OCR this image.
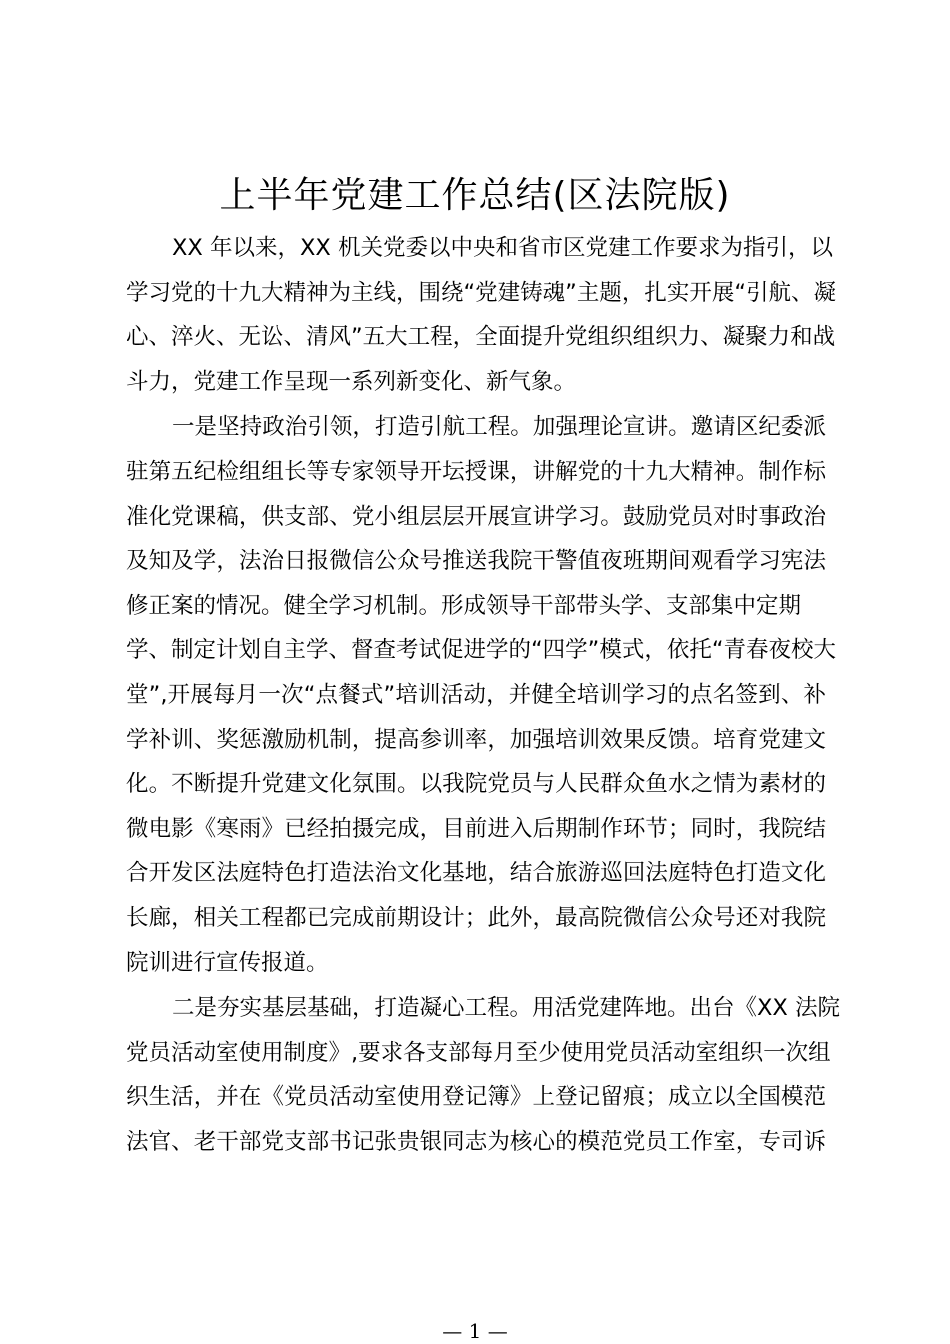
上半年党建工作总结(区法院版)

XX 年以来，XX 机关党委以中央和省市区党建工作要求为指引，以

学习党的十九大精神为主线，围绕“党建铸魂”主题，扎实开展“引航、凝

心、淬火、无讼、清风”五大工程，全面提升党组织组织力、凝聚力和战

斗力，党建工作呈现一系列新变化、新气象。

一是坚持政治引领，打造引航工程。加强理论宣讲。邀请区纪委派

驻第五纪检组组长等专家领导开坛授课，讲解党的十九大精神。制作标

准化党课稿，供支部、党小组层层开展宣讲学习。鼓励党员对时事政治

及知及学，法治日报微信公众号推送我院干警值夜班期间观看学习宪法

修正案的情况。健全学习机制。形成领导干部带头学、支部集中定期

学、制定计划自主学、督查考试促进学的“四学”模式，依托“青春夜校大

堂”,开展每月一次“点餐式”培训活动，并健全培训学习的点名签到、补

学补训、奖惩激励机制，提高参训率，加强培训效果反馈。培育党建文

化。不断提升党建文化氛围。以我院党员与人民群众鱼水之情为素材的

微电影《寒雨》已经拍摄完成，目前进入后期制作环节；同时，我院结

合开发区法庭特色打造法治文化基地，结合旅游巡回法庭特色打造文化

长廊，相关工程都已完成前期设计；此外，最高院微信公众号还对我院

院训进行宣传报道。

二是夯实基层基础，打造凝心工程。用活党建阵地。出台《XX 法院

党员活动室使用制度》,要求各支部每月至少使用党员活动室组织一次组

织生活，并在《党员活动室使用登记簿》上登记留痕；成立以全国模范

法官、老干部党支部书记张贵银同志为核心的模范党员工作室，专司诉

— 1 —
